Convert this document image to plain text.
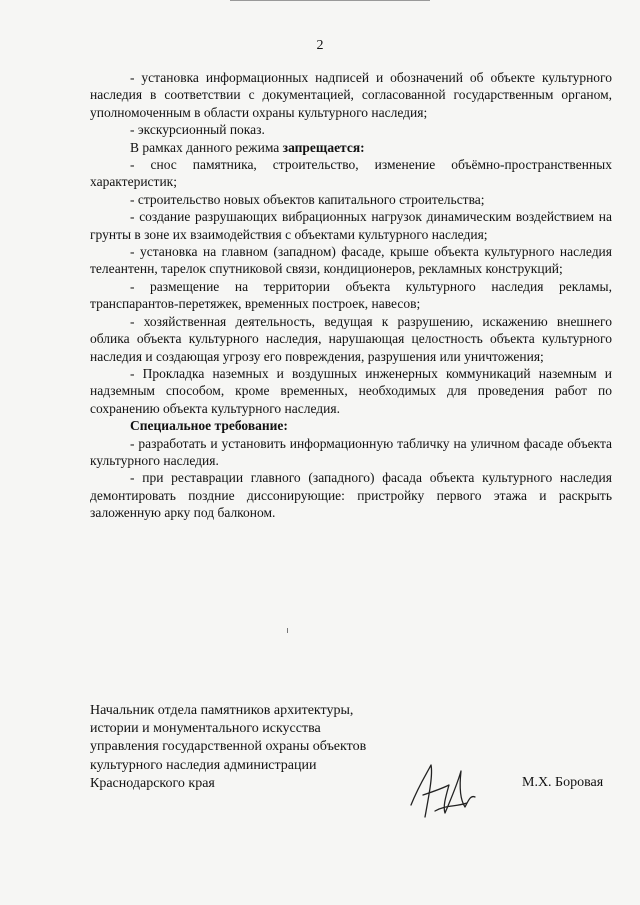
2

- установка информационных надписей и обозначений об объекте культурного наследия в соответствии с документацией, согласованной государственным органом, уполномоченным в области охраны культурного наследия;

- экскурсионный показ.

В рамках данного режима запрещается:

- снос памятника, строительство, изменение объёмно-пространственных характеристик;

- строительство новых объектов капитального строительства;

- создание разрушающих вибрационных нагрузок динамическим воздействием на грунты в зоне их взаимодействия с объектами культурного наследия;

- установка на главном (западном) фасаде, крыше объекта культурного наследия телеантенн, тарелок спутниковой связи, кондиционеров, рекламных конструкций;

- размещение на территории объекта культурного наследия рекламы, транспарантов-перетяжек, временных построек, навесов;

- хозяйственная деятельность, ведущая к разрушению, искажению внешнего облика объекта культурного наследия, нарушающая целостность объекта культурного наследия и создающая угрозу его повреждения, разрушения или уничтожения;

- Прокладка наземных и воздушных инженерных коммуникаций наземным и надземным способом, кроме временных, необходимых для проведения работ по сохранению объекта культурного наследия.

Специальное требование:

- разработать и установить информационную табличку на уличном фасаде объекта культурного наследия.

- при реставрации главного (западного) фасада объекта культурного наследия демонтировать поздние диссонирующие: пристройку первого этажа и раскрыть заложенную арку под балконом.

Начальник отдела памятников архитектуры,
истории и монументального искусства
управления государственной охраны объектов
культурного наследия администрации
Краснодарского края	М.Х. Боровая
